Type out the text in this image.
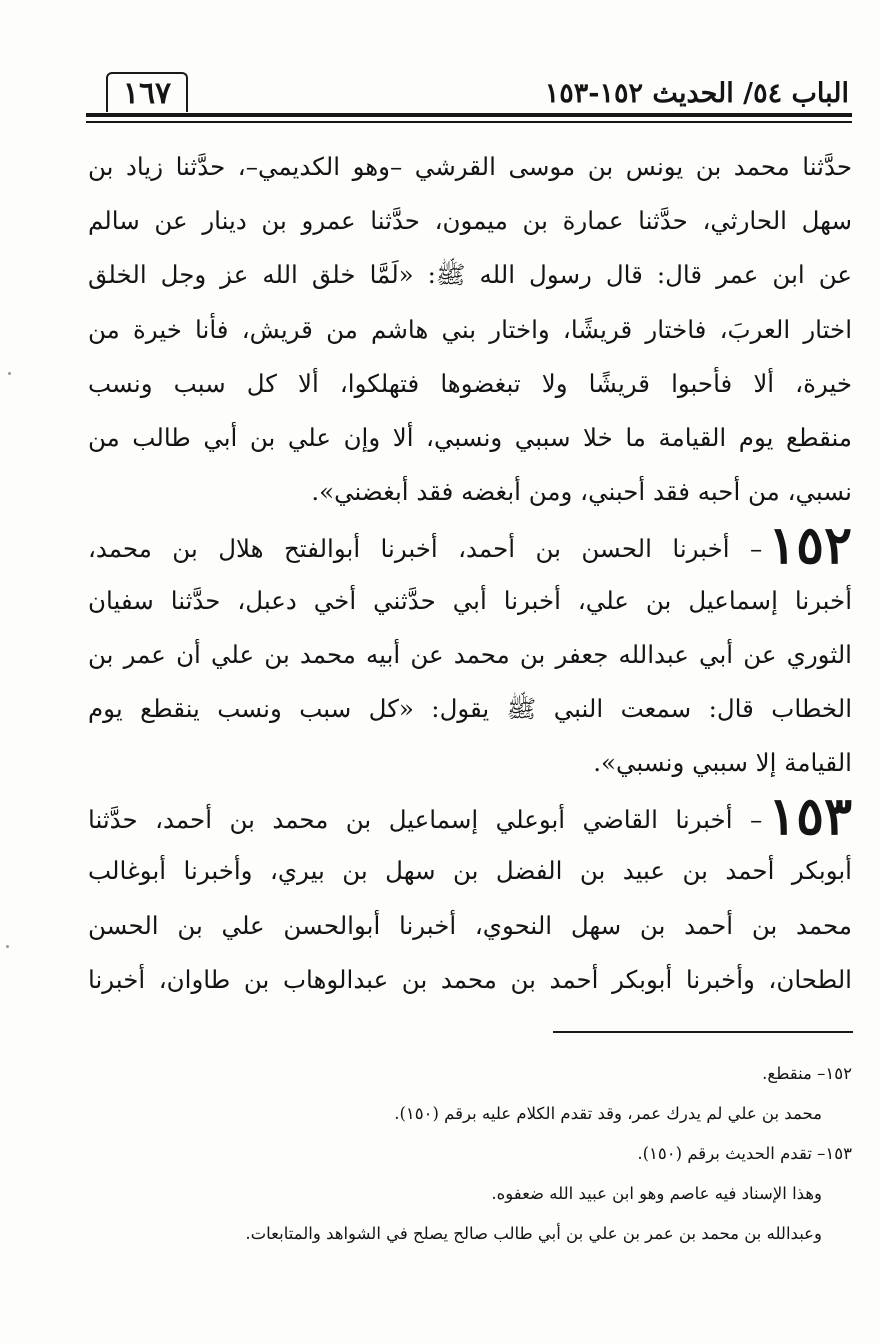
١٦٧	الباب ٥٤/ الحديث ١٥٢-١٥٣
حدَّثنا محمد بن يونس بن موسى القرشي –وهو الكديمي–، حدَّثنا زياد بن
سهل الحارثي، حدَّثنا عمارة بن ميمون، حدَّثنا عمرو بن دينار عن سالم
عن ابن عمر قال: قال رسول الله ﷺ: «لَمَّا خلق الله عز وجل الخلق
اختار العربَ، فاختار قريشًا، واختار بني هاشم من قريش، فأنا خيرة من
خيرة، ألا فأحبوا قريشًا ولا تبغضوها فتهلكوا، ألا كل سبب ونسب
منقطع يوم القيامة ما خلا سببي ونسبي، ألا وإن علي بن أبي طالب من
نسبي، من أحبه فقد أحبني، ومن أبغضه فقد أبغضني».
١٥٢– أخبرنا الحسن بن أحمد، أخبرنا أبوالفتح هلال بن محمد،
أخبرنا إسماعيل بن علي، أخبرنا أبي حدَّثني أخي دعبل، حدَّثنا سفيان
الثوري عن أبي عبدالله جعفر بن محمد عن أبيه محمد بن علي أن عمر بن
الخطاب قال: سمعت النبي ﷺ يقول: «كل سبب ونسب ينقطع يوم
القيامة إلا سببي ونسبي».
١٥٣– أخبرنا القاضي أبوعلي إسماعيل بن محمد بن أحمد، حدَّثنا
أبوبكر أحمد بن عبيد بن الفضل بن سهل بن بيري، وأخبرنا أبوغالب
محمد بن أحمد بن سهل النحوي، أخبرنا أبوالحسن علي بن الحسن
الطحان، وأخبرنا أبوبكر أحمد بن محمد بن عبدالوهاب بن طاوان، أخبرنا
١٥٢– منقطع.
محمد بن علي لم يدرك عمر، وقد تقدم الكلام عليه برقم (١٥٠).
١٥٣– تقدم الحديث برقم (١٥٠).
وهذا الإسناد فيه عاصم وهو ابن عبيد الله ضعفوه.
وعبدالله بن محمد بن عمر بن علي بن أبي طالب صالح يصلح في الشواهد والمتابعات.
